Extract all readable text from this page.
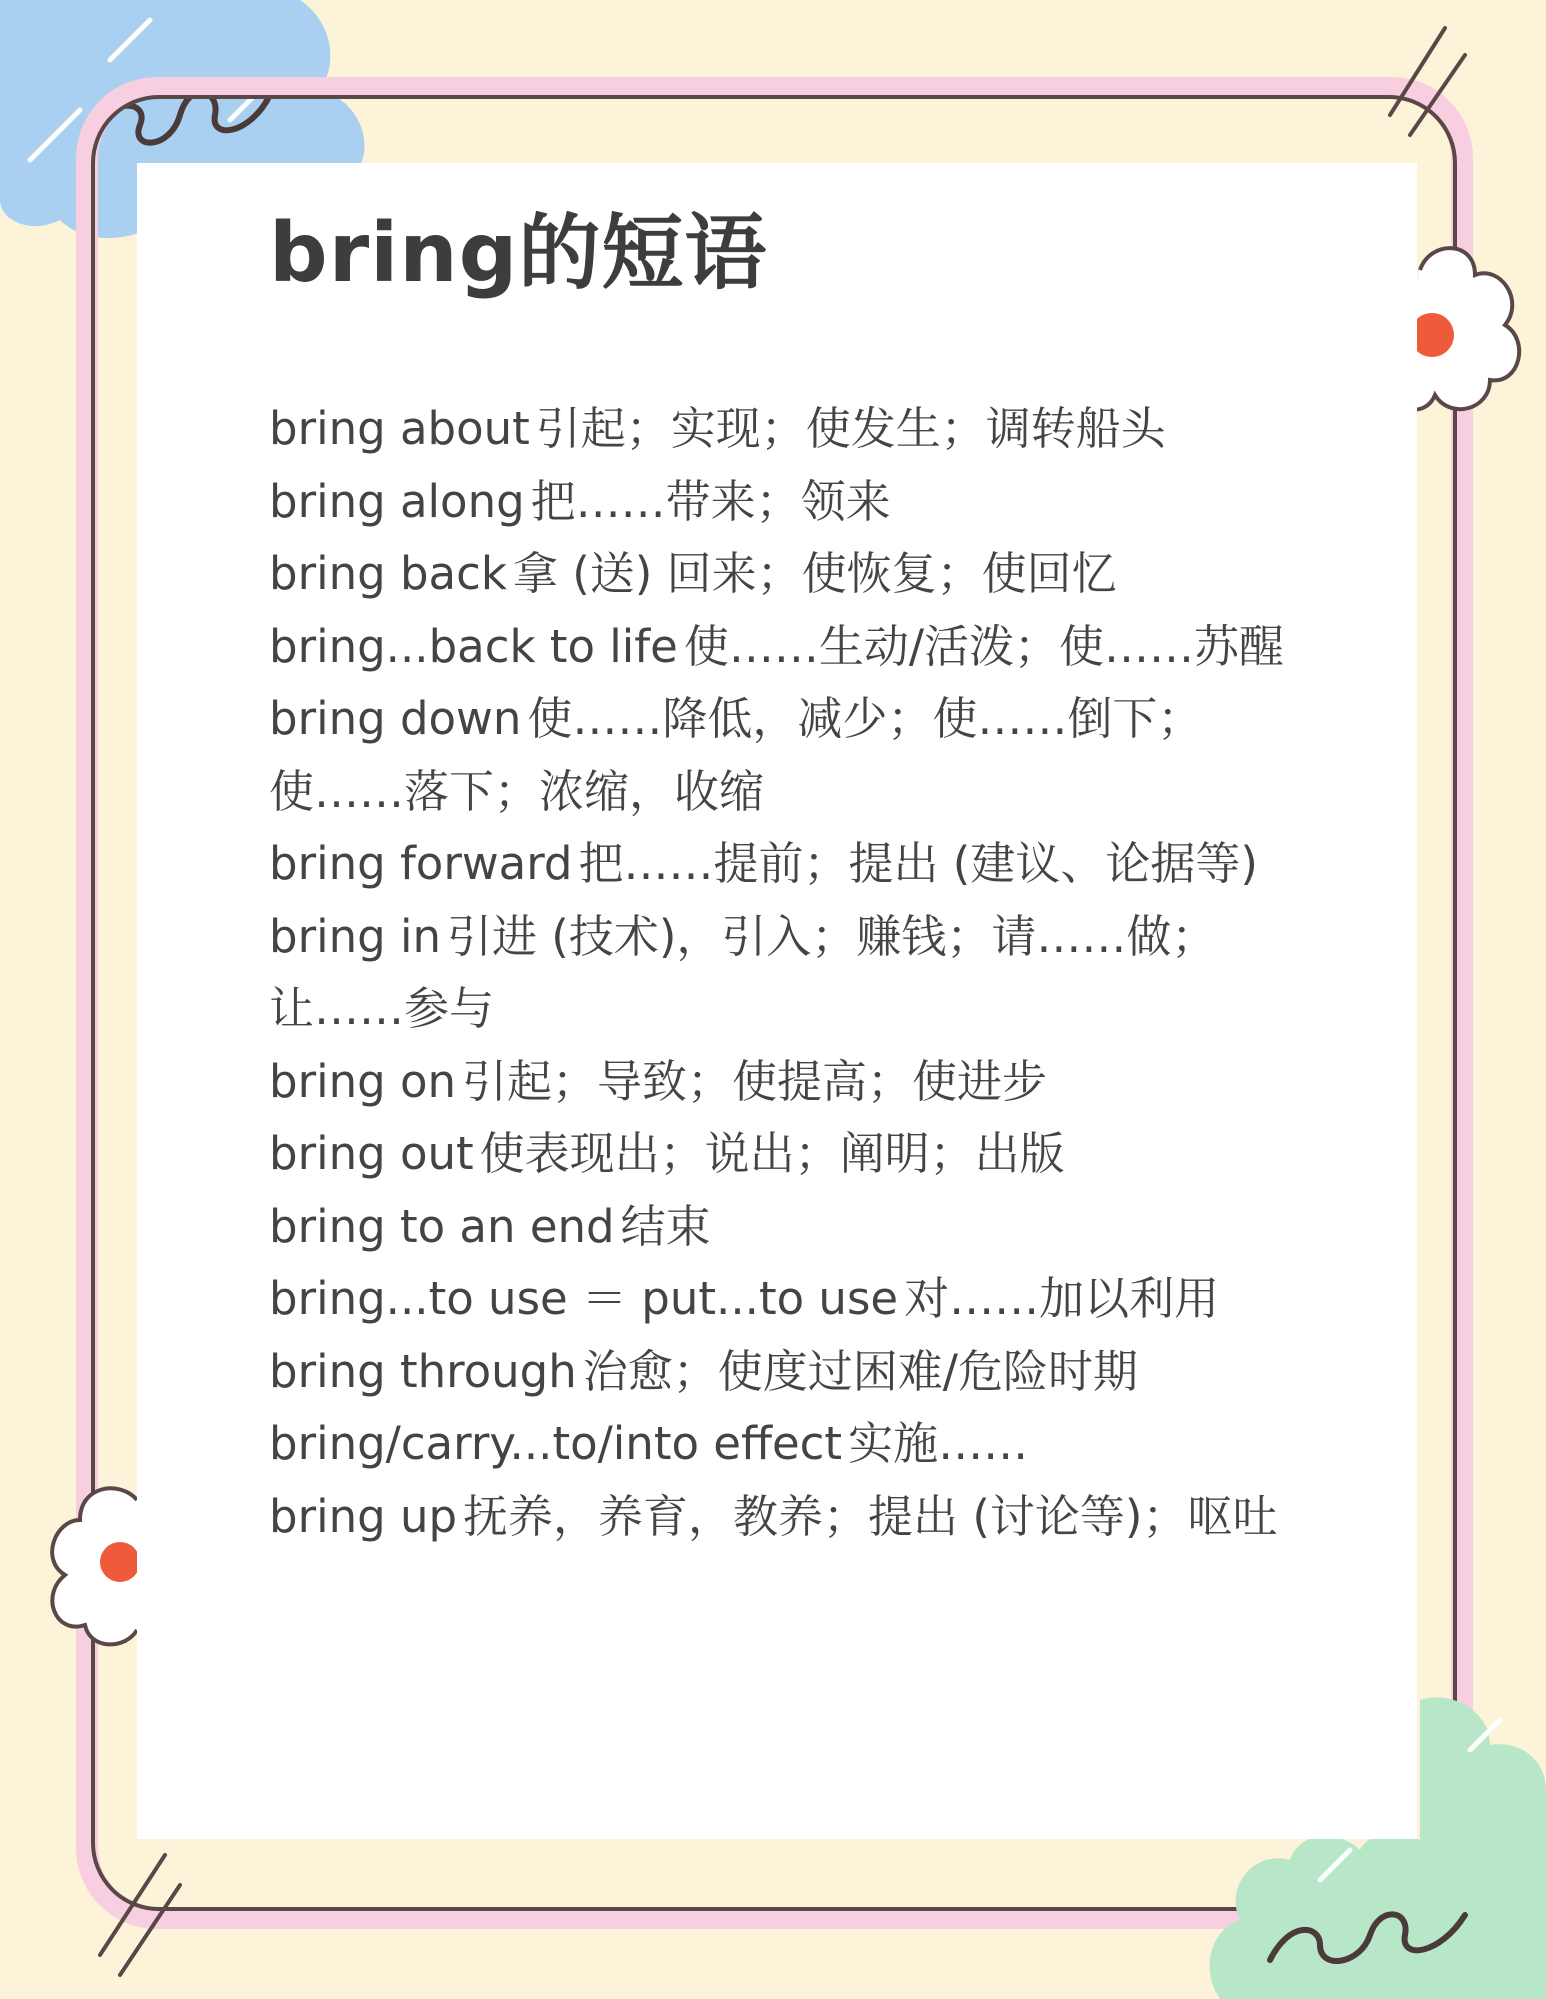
bring的短语
bring about 引起；实现；使发生；调转船头
bring along 把……带来；领来
bring back 拿 (送) 回来；使恢复；使回忆
bring...back to life 使……生动/活泼；使……苏醒
bring down 使……降低，减少；使……倒下；使……落下；浓缩，收缩
bring forward 把……提前；提出 (建议、论据等)
bring in 引进 (技术)，引入；赚钱；请……做；让……参与
bring on 引起；导致；使提高；使进步
bring out 使表现出；说出；阐明；出版
bring to an end 结束
bring...to use ＝ put...to use 对……加以利用
bring through 治愈；使度过困难/危险时期
bring/carry...to/into effect 实施……
bring up 抚养，养育，教养；提出 (讨论等)；呕吐
